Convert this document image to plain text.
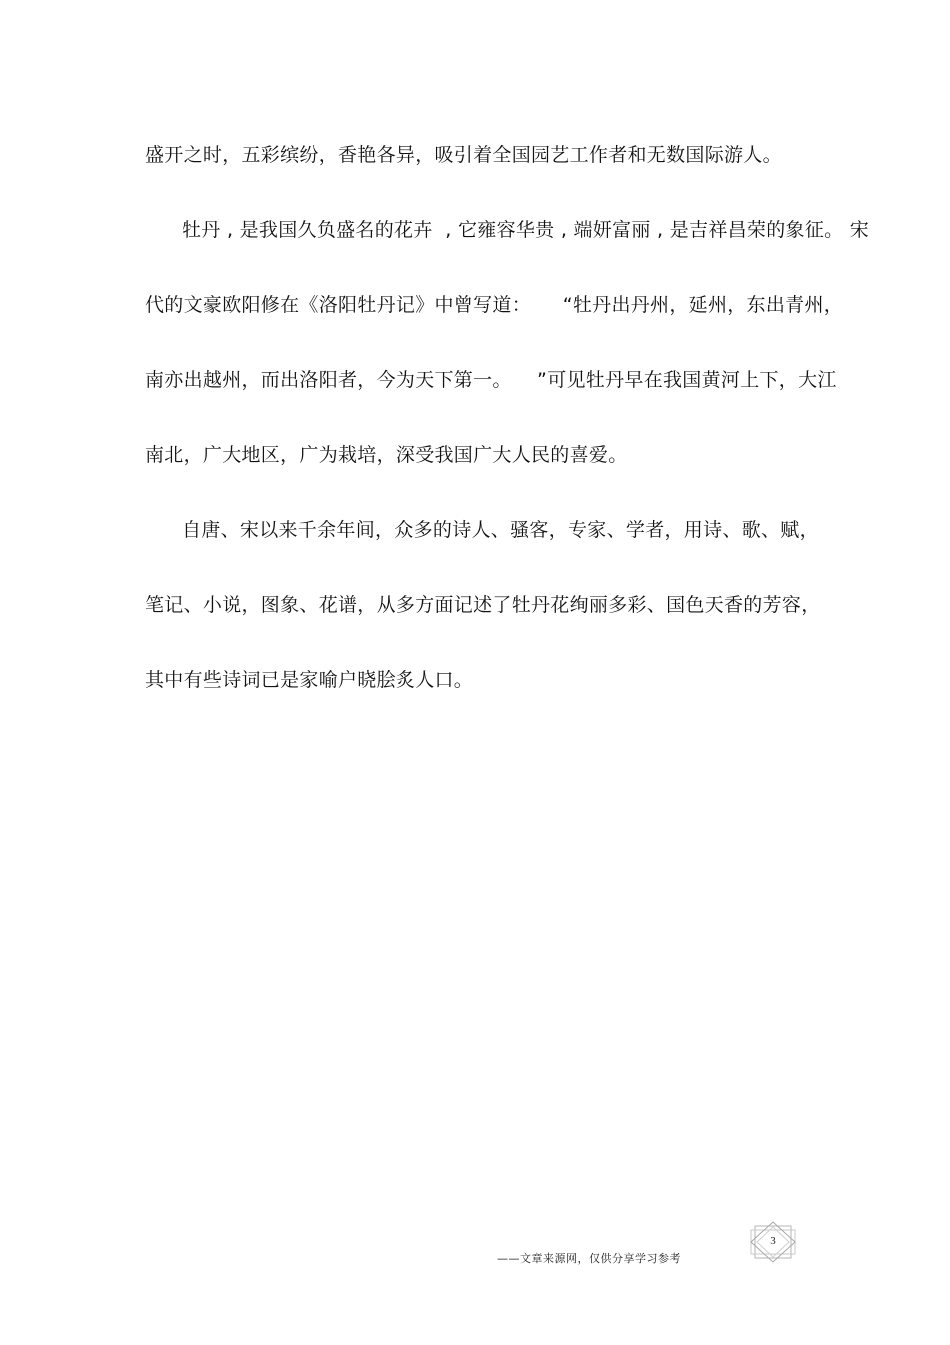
盛开之时，五彩缤纷，香艳各异，吸引着全国园艺工作者和无数国际游人。
牡丹 , 是我国久负盛名的花卉  , 它雍容华贵 , 端妍富丽 , 是吉祥昌荣的象征。 宋
代的文豪欧阳修在《洛阳牡丹记》中曾写道：     “牡丹出丹州，延州，东出青州，
南亦出越州，而出洛阳者，今为天下第一。    ”可见牡丹早在我国黄河上下，大江
南北，广大地区，广为栽培，深受我国广大人民的喜爱。
自唐、宋以来千余年间，众多的诗人、骚客，专家、学者，用诗、歌、赋，
笔记、小说，图象、花谱，从多方面记述了牡丹花绚丽多彩、国色天香的芳容，
其中有些诗词已是家喻户晓脍炙人口。
——文章来源网，仅供分享学习参考
3
